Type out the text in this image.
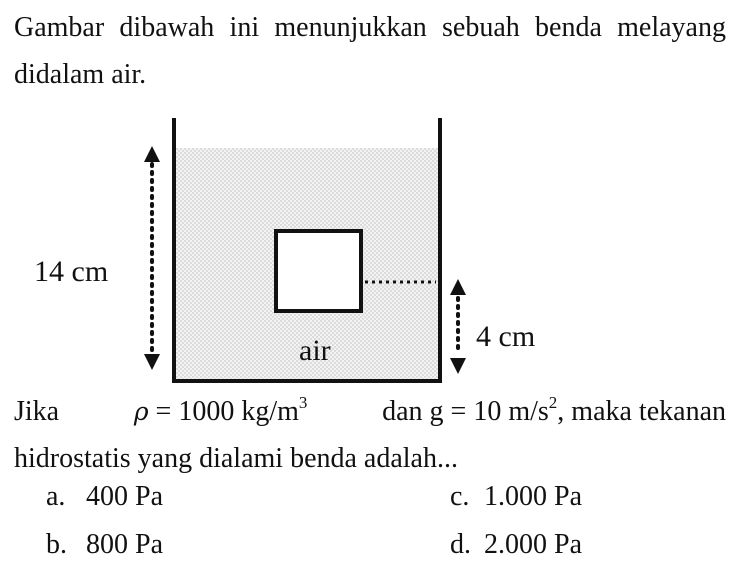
Gambar dibawah ini menunjukkan sebuah benda melayang didalam air.

14 cm
4 cm
air
Jika	ρ = 1000 $kg/m^3$	dan g = 10 $m/s^2$, maka tekanan
hidrostatis yang dialami benda adalah...
a. 400 Pa
b. 800 Pa
c. 1.000 Pa
d. 2.000 Pa
